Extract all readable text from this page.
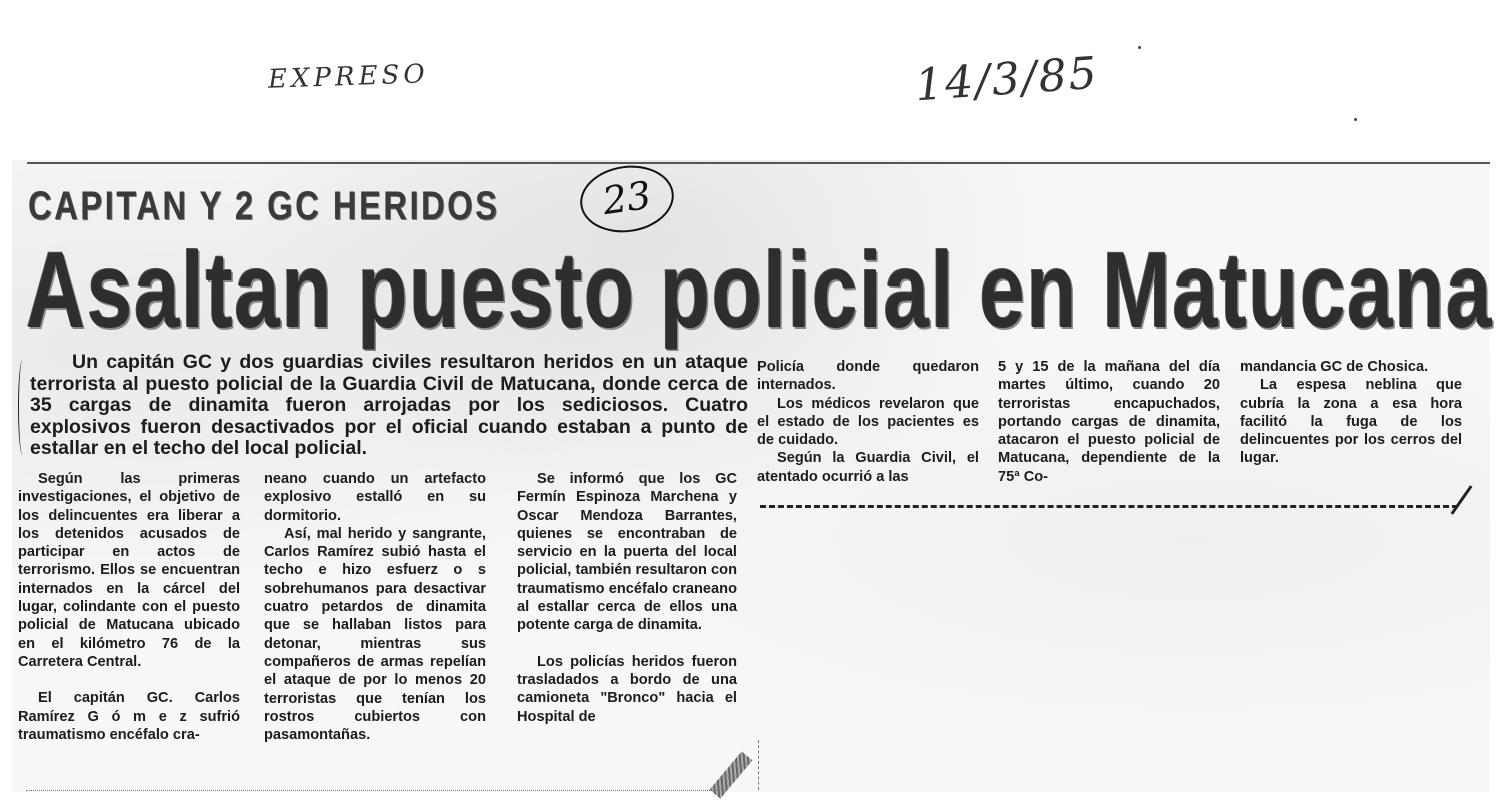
EXPRESO	14/3/85
CAPITAN Y 2 GC HERIDOS	23
Asaltan puesto policial en Matucana
Un capitán GC y dos guardias civiles resultaron heridos en un ataque terrorista al puesto policial de la Guardia Civil de Matucana, donde cerca de 35 cargas de dinamita fueron arrojadas por los sediciosos. Cuatro explosivos fueron desactivados por el oficial cuando estaban a punto de estallar en el techo del local policial.

Según las primeras investigaciones, el objetivo de los delincuentes era liberar a los detenidos acusados de participar en actos de terrorismo. Ellos se encuentran internados en la cárcel del lugar, colindante con el puesto policial de Matucana ubicado en el kilómetro 76 de la Carretera Central.

El capitán GC. Carlos Ramírez G ó m e z sufrió traumatismo encéfalo cra-

neano cuando un artefacto explosivo estalló en su dormitorio.

Así, mal herido y sangrante, Carlos Ramírez subió hasta el techo e hizo esfuerz o s sobrehumanos para desactivar cuatro petardos de dinamita que se hallaban listos para detonar, mientras sus compañeros de armas repelían el ataque de por lo menos 20 terroristas que tenían los rostros cubiertos con pasamontañas.

Se informó que los GC Fermín Espinoza Marchena y Oscar Mendoza Barrantes, quienes se encontraban de servicio en la puerta del local policial, también resultaron con traumatismo encéfalo craneano al estallar cerca de ellos una potente carga de dinamita.

Los policías heridos fueron trasladados a bordo de una camioneta "Bronco" hacia el Hospital de

Policía donde quedaron internados.

Los médicos revelaron que el estado de los pacientes es de cuidado.

Según la Guardia Civil, el atentado ocurrió a las

5 y 15 de la mañana del día martes último, cuando 20 terroristas encapuchados, portando cargas de dinamita, atacaron el puesto policial de Matucana, dependiente de la 75ª Co-

mandancia GC de Chosica.

La espesa neblina que cubría la zona a esa hora facilitó la fuga de los delincuentes por los cerros del lugar.
